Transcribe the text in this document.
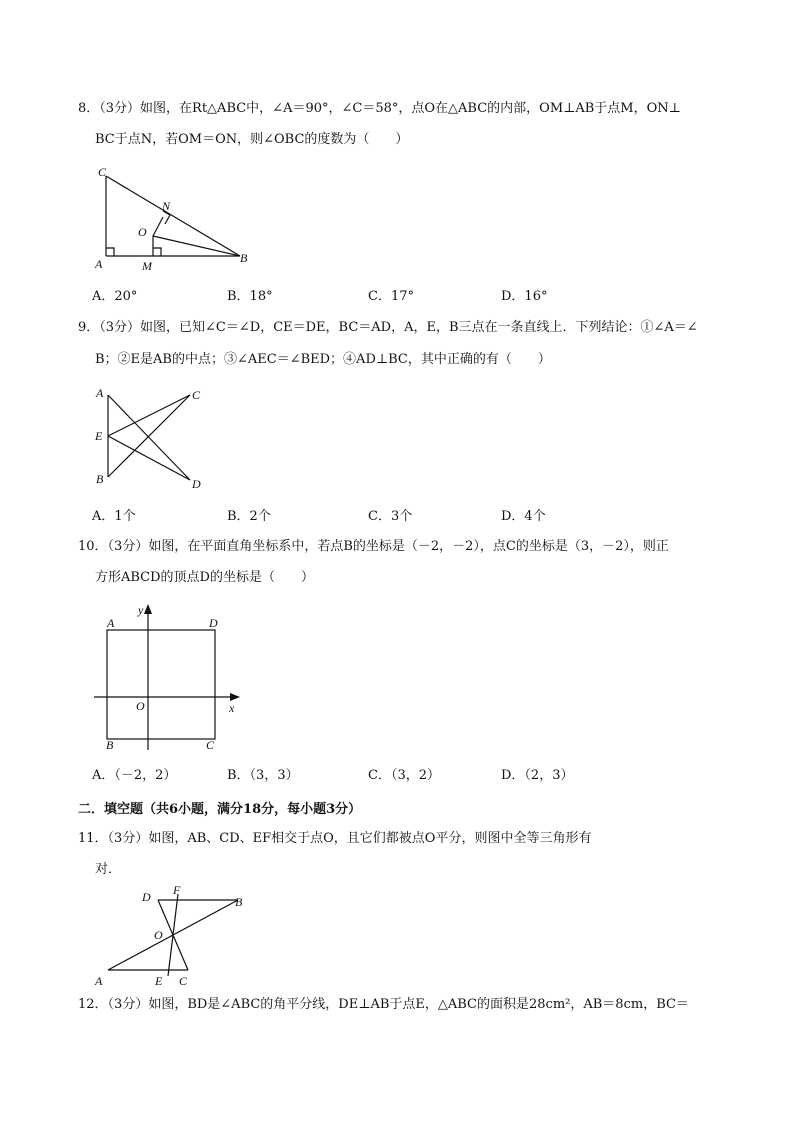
8．（3分）如图，在Rt△ABC中，∠A＝90°，∠C＝58°，点O在△ABC的内部，OM⊥AB于点M，ON⊥
BC于点N，若OM＝ON，则∠OBC的度数为（　　）
C
N
O
A	M
B
A．20°	B．18°	C．17°	D．16°
9．（3分）如图，已知∠C＝∠D，CE＝DE，BC＝AD，A，E，B三点在一条直线上．下列结论：①∠A＝∠
B；②E是AB的中点；③∠AEC＝∠BED；④AD⊥BC，其中正确的有（　　）
A	C
E
B	D
A．1个	B．2个	C．3个	D．4个
10．（3分）如图，在平面直角坐标系中，若点B的坐标是（－2，－2），点C的坐标是（3，－2），则正
方形ABCD的顶点D的坐标是（　　）
y
x
A	D
O
B	C
A．（－2，2）	B．（3，3）	C．（3，2）	D．（2，3）
二．填空题（共6小题，满分18分，每小题3分）
11．（3分）如图，AB、CD、EF相交于点O，且它们都被点O平分，则图中全等三角形有
对．
D F
B
O
A	E C
12．（3分）如图，BD是∠ABC的角平分线，DE⊥AB于点E，△ABC的面积是28cm²，AB＝8cm，BC＝
